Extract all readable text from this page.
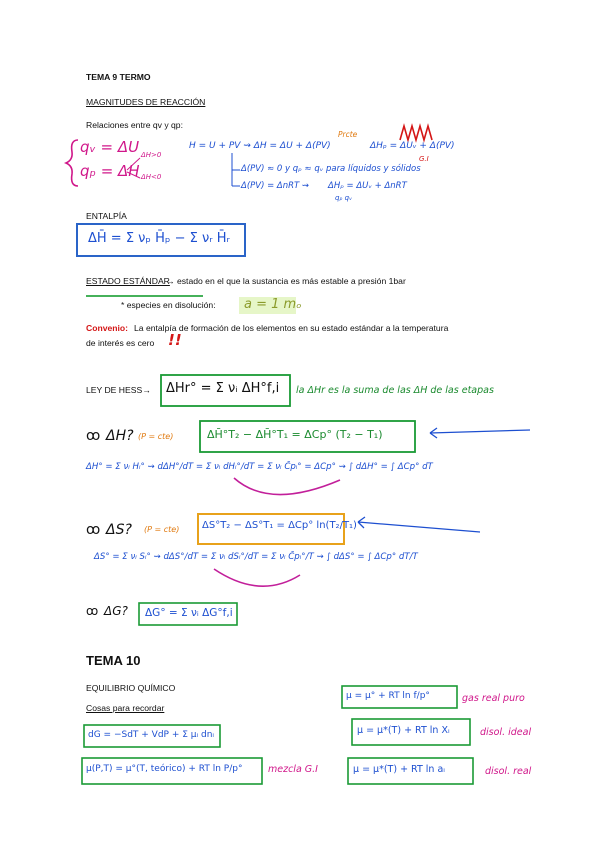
TEMA 9 TERMO
MAGNITUDES DE REACCIÓN
Relaciones entre qv y qp:
qᵥ = ΔU
qₚ = ΔH
ΔH>0
ΔH<0
H = U + PV ⇝ ΔH = ΔU + Δ(PV)
Prcte
ΔHₚ = ΔUᵥ + Δ(PV)
G.I
Δ(PV) ≈ 0 y qₚ ≈ qᵥ para líquidos y sólidos
Δ(PV) = ΔnRT ⇝ ΔHₚ = ΔUᵥ + ΔnRT
qₚ qᵥ
ENTALPÍA
ΔH̄ = Σ νₚ H̄ₚ − Σ νᵣ H̄ᵣ
ESTADO ESTÁNDAR
→ estado en el que la sustancia es más estable a presión 1bar
* especies en disolución: a = 1 mₒ
Convenio: La entalpía de formación de los elementos en su estado estándar a la temperatura
de interés es cero !!
LEY DE HESS→ ΔHr° = Σ νᵢ ΔH°f,i la ΔHr es la suma de las ΔH de las etapas
ꝏ ΔH? (P = cte)	ΔH̄°T₂ − ΔH̄°T₁ = ΔCp° (T₂ − T₁)
ΔH° = Σ νᵢ Hᵢ° ⇝ dΔH°/dT = Σ νᵢ dHᵢ°/dT = Σ νᵢ C̄pᵢ° = ΔCp° ⇝ ∫ dΔH° = ∫ ΔCp° dT
ꝏ ΔS? (P = cte) ΔS°T₂ − ΔS°T₁ = ΔCp° ln(T₂/T₁)
ΔS° = Σ νᵢ Sᵢ° ⇝ dΔS°/dT = Σ νᵢ dSᵢ°/dT = Σ νᵢ C̄pᵢ°/T ⇝ ∫ dΔS° = ∫ ΔCp° dT/T
ꝏ ΔG? ΔG° = Σ νᵢ ΔG°f,i
TEMA 10
EQUILIBRIO QUÍMICO
Cosas para recordar
μ = μ° + RT ln f/p°	gas real puro
dG = −SdT + VdP + Σ μᵢ dnᵢ	μ = μ*(T) + RT ln Xᵢ	disol. ideal
μ(P,T) = μ°(T, teórico) + RT ln P/p°	mezcla G.I	μ = μ*(T) + RT ln aᵢ	disol. real
